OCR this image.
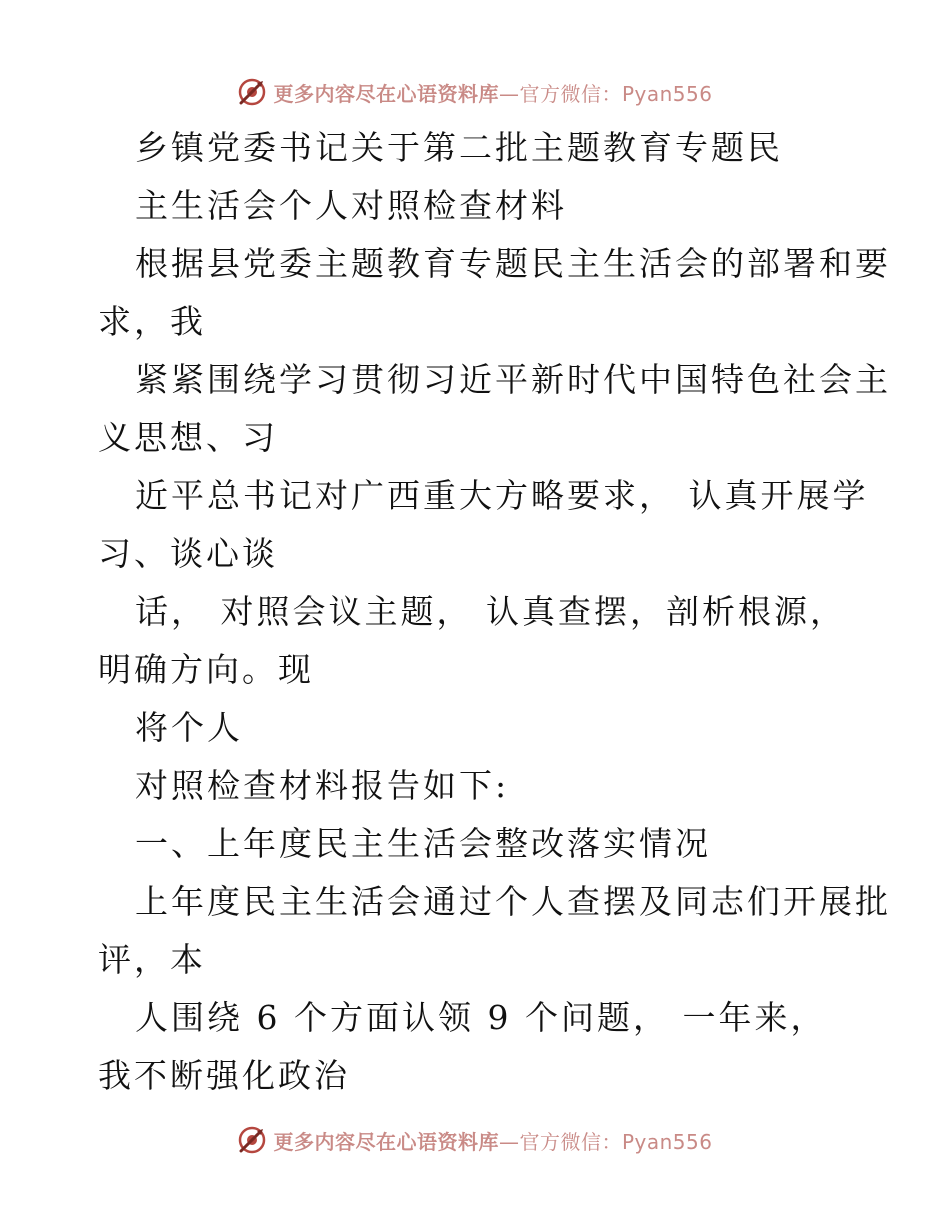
更多内容尽在心语资料库—官方微信：Pyan556
乡镇党委书记关于第二批主题教育专题民
主生活会个人对照检查材料
根据县党委主题教育专题民主生活会的部署和要
求，我
紧紧围绕学习贯彻习近平新时代中国特色社会主
义思想、习
近平总书记对广西重大方略要求， 认真开展学
习、谈心谈
话， 对照会议主题， 认真查摆，剖析根源，
明确方向。现
将个人
对照检查材料报告如下:
一、上年度民主生活会整改落实情况
上年度民主生活会通过个人查摆及同志们开展批
评，本
人围绕 6 个方面认领 9 个问题， 一年来，
我不断强化政治
更多内容尽在心语资料库—官方微信：Pyan556
